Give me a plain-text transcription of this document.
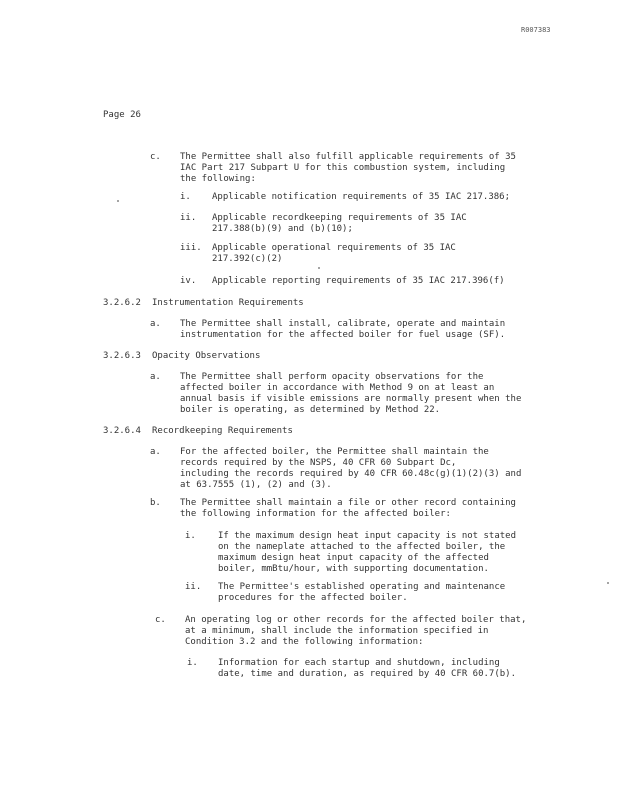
R007383
Page 26
c. The Permittee shall also fulfill applicable requirements of 35
IAC Part 217 Subpart U for this combustion system, including
the following:
i. Applicable notification requirements of 35 IAC 217.386;
ii. Applicable recordkeeping requirements of 35 IAC
217.388(b)(9) and (b)(10);
iii. Applicable operational requirements of 35 IAC
217.392(c)(2)
iv. Applicable reporting requirements of 35 IAC 217.396(f)
3.2.6.2 Instrumentation Requirements
a. The Permittee shall install, calibrate, operate and maintain
instrumentation for the affected boiler for fuel usage (SF).
3.2.6.3 Opacity Observations
a. The Permittee shall perform opacity observations for the
affected boiler in accordance with Method 9 on at least an
annual basis if visible emissions are normally present when the
boiler is operating, as determined by Method 22.
3.2.6.4 Recordkeeping Requirements
a. For the affected boiler, the Permittee shall maintain the
records required by the NSPS, 40 CFR 60 Subpart Dc,
including the records required by 40 CFR 60.48c(g)(1)(2)(3) and
at 63.7555 (1), (2) and (3).
b. The Permittee shall maintain a file or other record containing
the following information for the affected boiler:
i. If the maximum design heat input capacity is not stated
on the nameplate attached to the affected boiler, the
maximum design heat input capacity of the affected
boiler, mmBtu/hour, with supporting documentation.
ii. The Permittee's established operating and maintenance
procedures for the affected boiler.
c. An operating log or other records for the affected boiler that,
at a minimum, shall include the information specified in
Condition 3.2 and the following information:
i. Information for each startup and shutdown, including
date, time and duration, as required by 40 CFR 60.7(b).
